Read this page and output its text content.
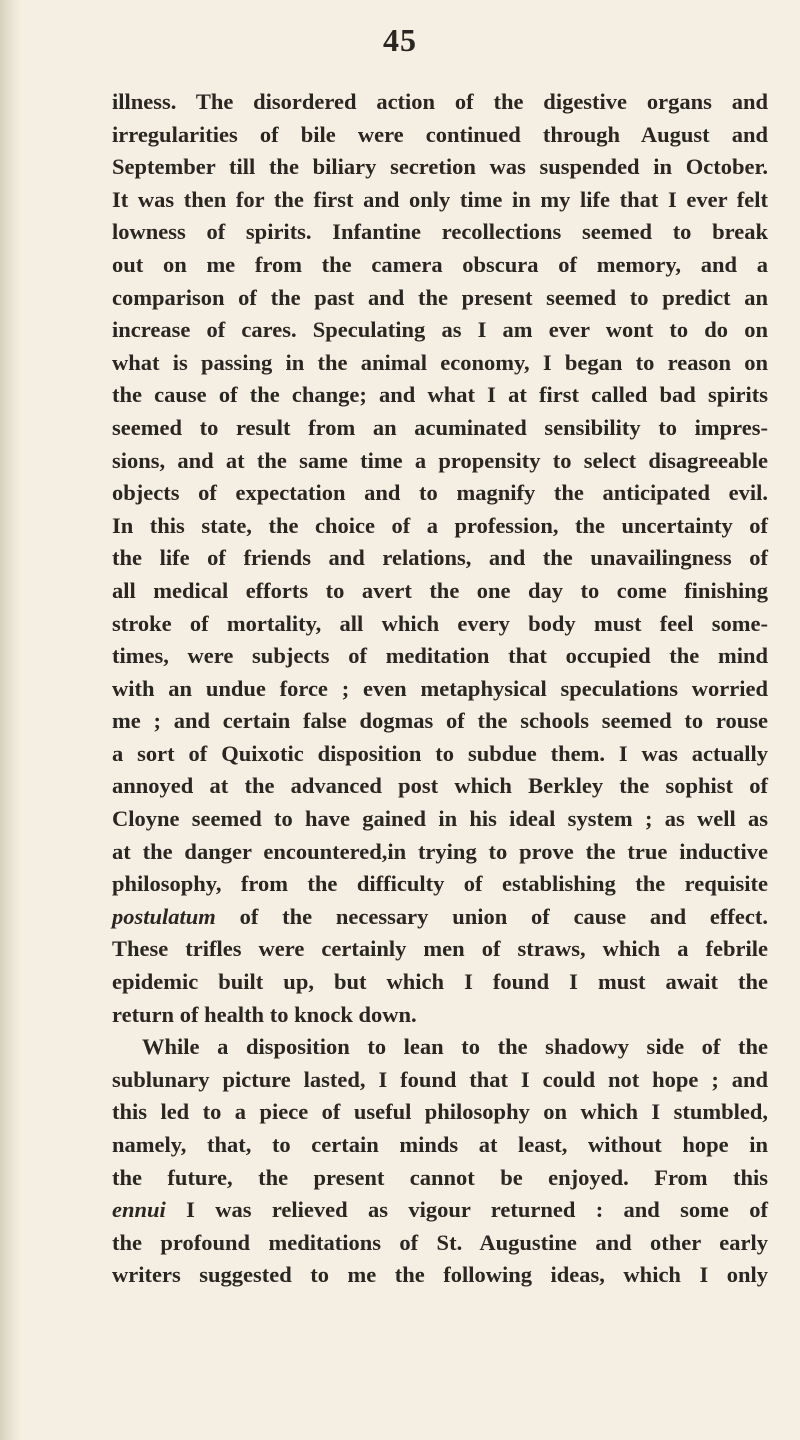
45
illness. The disordered action of the digestive organs and
irregularities of bile were continued through August and
September till the biliary secretion was suspended in October.
It was then for the first and only time in my life that I ever felt
lowness of spirits. Infantine recollections seemed to break
out on me from the camera obscura of memory, and a
comparison of the past and the present seemed to predict an
increase of cares. Speculating as I am ever wont to do on
what is passing in the animal economy, I began to reason on
the cause of the change; and what I at first called bad spirits
seemed to result from an acuminated sensibility to impres-
sions, and at the same time a propensity to select disagreeable
objects of expectation and to magnify the anticipated evil.
In this state, the choice of a profession, the uncertainty of
the life of friends and relations, and the unavailingness of
all medical efforts to avert the one day to come finishing
stroke of mortality, all which every body must feel some-
times, were subjects of meditation that occupied the mind
with an undue force ; even metaphysical speculations worried
me ; and certain false dogmas of the schools seemed to rouse
a sort of Quixotic disposition to subdue them. I was actually
annoyed at the advanced post which Berkley the sophist of
Cloyne seemed to have gained in his ideal system ; as well as
at the danger encountered,in trying to prove the true inductive
philosophy, from the difficulty of establishing the requisite
postulatum of the necessary union of cause and effect.
These trifles were certainly men of straws, which a febrile
epidemic built up, but which I found I must await the
return of health to knock down.
While a disposition to lean to the shadowy side of the
sublunary picture lasted, I found that I could not hope ; and
this led to a piece of useful philosophy on which I stumbled,
namely, that, to certain minds at least, without hope in
the future, the present cannot be enjoyed. From this
ennui I was relieved as vigour returned : and some of
the profound meditations of St. Augustine and other early
writers suggested to me the following ideas, which I only
